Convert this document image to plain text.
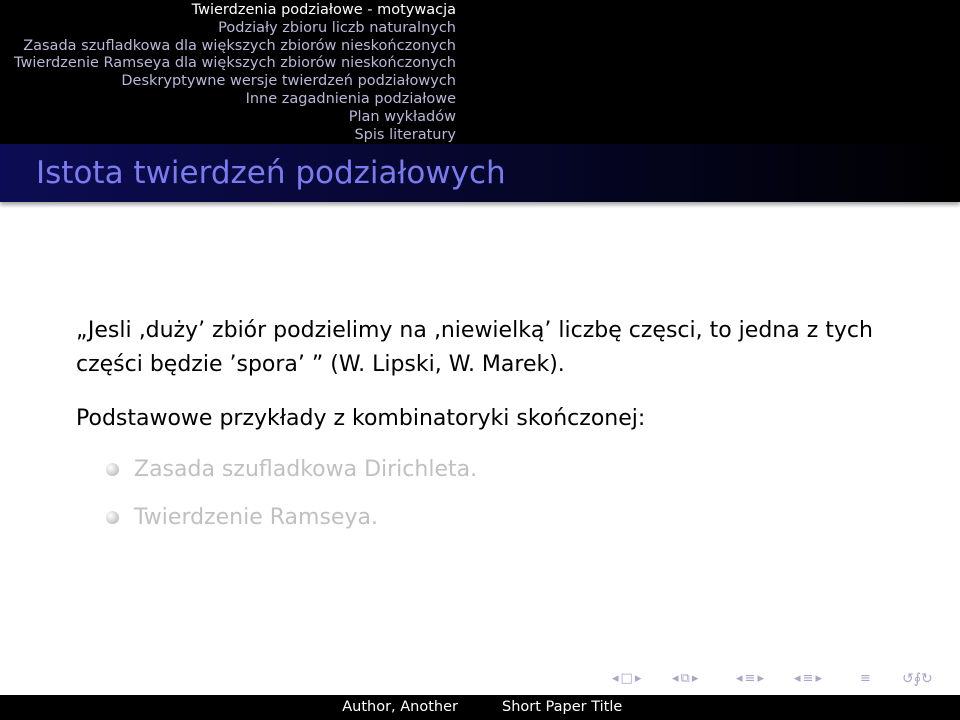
Twierdzenia podziałowe - motywacja
Podziały zbioru liczb naturalnych
Zasada szufladkowa dla większych zbiorów nieskończonych
Twierdzenie Ramseya dla większych zbiorów nieskończonych
Deskryptywne wersje twierdzeń podziałowych
Inne zagadnienia podziałowe
Plan wykładów
Spis literatury
Istota twierdzeń podziałowych

„Jesli ‚duży’ zbiór podzielimy na ‚niewielką’ liczbę częsci, to jedna z tych części będzie ’spora’ ” (W. Lipski, W. Marek).

Podstawowe przykłady z kombinatoryki skończonej:

Zasada szufladkowa Dirichleta.
Twierdzenie Ramseya.
◂ □ ▸ ◂ ⧉ ▸	◂ ≡ ▸ ◂ ≡ ▸	≡ ↺∮↻
Author, Another	Short Paper Title
